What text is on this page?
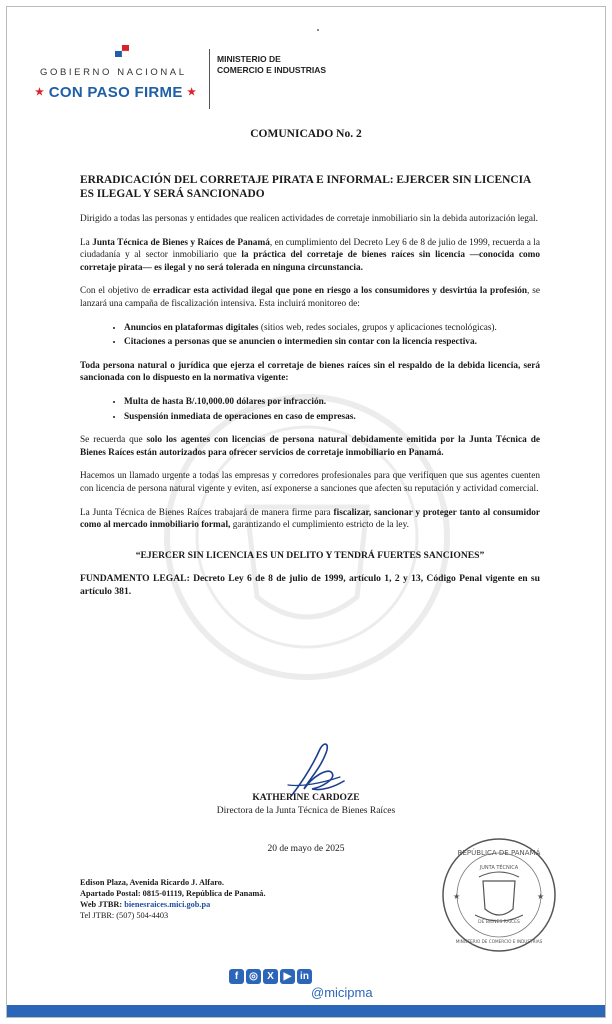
GOBIERNO NACIONAL
★ CON PASO FIRME ★
MINISTERIO DE
COMERCIO E INDUSTRIAS
COMUNICADO No. 2

ERRADICACIÓN DEL CORRETAJE PIRATA E INFORMAL: EJERCER SIN LICENCIA ES ILEGAL Y SERÁ SANCIONADO

Dirigido a todas las personas y entidades que realicen actividades de corretaje inmobiliario sin la debida autorización legal.

La Junta Técnica de Bienes y Raíces de Panamá, en cumplimiento del Decreto Ley 6 de 8 de julio de 1999, recuerda a la ciudadanía y al sector inmobiliario que la práctica del corretaje de bienes raíces sin licencia —conocida como corretaje pirata— es ilegal y no será tolerada en ninguna circunstancia.

Con el objetivo de erradicar esta actividad ilegal que pone en riesgo a los consumidores y desvirtúa la profesión, se lanzará una campaña de fiscalización intensiva. Esta incluirá monitoreo de:

• Anuncios en plataformas digitales (sitios web, redes sociales, grupos y aplicaciones tecnológicas).
• Citaciones a personas que se anuncien o intermedien sin contar con la licencia respectiva.

Toda persona natural o jurídica que ejerza el corretaje de bienes raíces sin el respaldo de la debida licencia, será sancionada con lo dispuesto en la normativa vigente:

• Multa de hasta B/.10,000.00 dólares por infracción.
• Suspensión inmediata de operaciones en caso de empresas.

Se recuerda que solo los agentes con licencias de persona natural debidamente emitida por la Junta Técnica de Bienes Raíces están autorizados para ofrecer servicios de corretaje inmobiliario en Panamá.

Hacemos un llamado urgente a todas las empresas y corredores profesionales para que verifiquen que sus agentes cuenten con licencia de persona natural vigente y eviten, así exponerse a sanciones que afecten su reputación y actividad comercial.

La Junta Técnica de Bienes Raíces trabajará de manera firme para fiscalizar, sancionar y proteger tanto al consumidor como al mercado inmobiliario formal, garantizando el cumplimiento estricto de la ley.

“EJERCER SIN LICENCIA ES UN DELITO Y TENDRÁ FUERTES SANCIONES”

FUNDAMENTO LEGAL: Decreto Ley 6 de 8 de julio de 1999, artículo 1, 2 y 13, Código Penal vigente en su artículo 381.

KATHERINE CARDOZE
Directora de la Junta Técnica de Bienes Raíces
20 de mayo de 2025
Edison Plaza, Avenida Ricardo J. Alfaro.
Apartado Postal: 0815-01119, República de Panamá.
Web JTBR: bienesraices.mici.gob.pa
Tel JTBR: (507) 504-4403
REPÚBLICA DE PANAMÁ
JUNTA TÉCNICA
DE BIENES RAÍCES
MINISTERIO DE COMERCIO E INDUSTRIAS
★	★
f	◎ X ▶ in
@micipma
